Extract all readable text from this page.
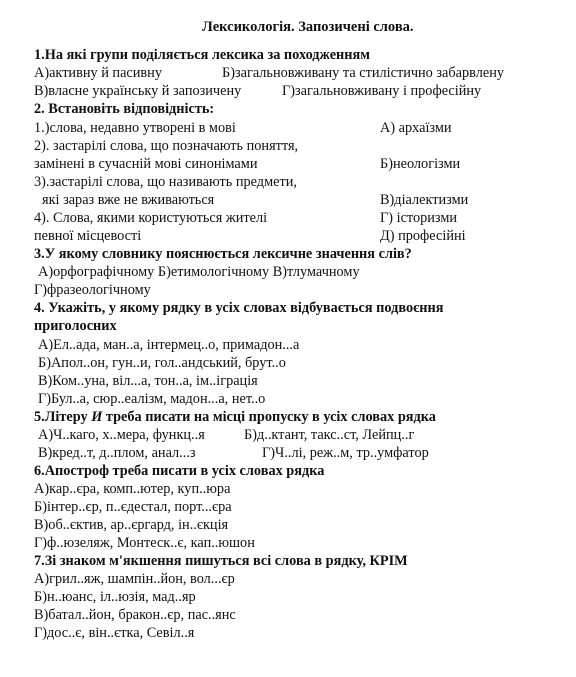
Лексикологія. Запозичені слова.
1.На які групи поділяється лексика за походженням
А)активну й пасивну	Б)загальновживану та стилістично забарвлену
В)власне українську й запозичену	Г)загальновживану і професійну
2. Встановіть відповідність:
1.)слова, недавно утворені в мові	А) архаїзми
2). застарілі слова, що позначають поняття,
замінені в сучасній мові синонімами	Б)неологізми
3).застарілі слова, що називають предмети,
які зараз вже не вживаються	В)діалектизми
4). Слова, якими користуються жителі	Г) історизми
певної місцевості	Д) професійні
3.У якому словнику пояснюється лексичне значення слів?
А)орфографічному Б)етимологічному В)тлумачному
Г)фразеологічному
4. Укажіть, у якому рядку в усіх словах відбувається подвоєння
приголосних
А)Ел..ада, ман..а, інтермец..о, примадон...а
Б)Апол..он, гун..и, гол..андський, брут..о
В)Ком..уна, віл...а, тон..а, ім..іграція
Г)Бул..а, сюр..еалізм, мадон...а, нет..о
5.Літеру И треба писати на місці пропуску в усіх словах рядка
А)Ч..каго, х..мера, функц..я	Б)д..ктант, такс..ст, Лейпц..г
В)кред..т, д..плом, анал...з	Г)Ч..лі, реж..м, тр..умфатор
6.Апостроф треба писати в усіх словах рядка
А)кар..єра, комп..ютер, куп..юра
Б)інтер..єр, п..єдестал, порт...єра
В)об..єктив, ар..єргард, ін..єкція
Г)ф..юзеляж, Монтеск..є, кап..юшон
7.Зі знаком м'якшення пишуться всі слова в рядку, КРІМ
А)грил..яж, шампін..йон, вол...єр
Б)н..юанс, іл..юзія, мад..яр
В)батал..йон, бракон..єр, пас..янс
Г)дос..є, він..єтка, Севіл..я
